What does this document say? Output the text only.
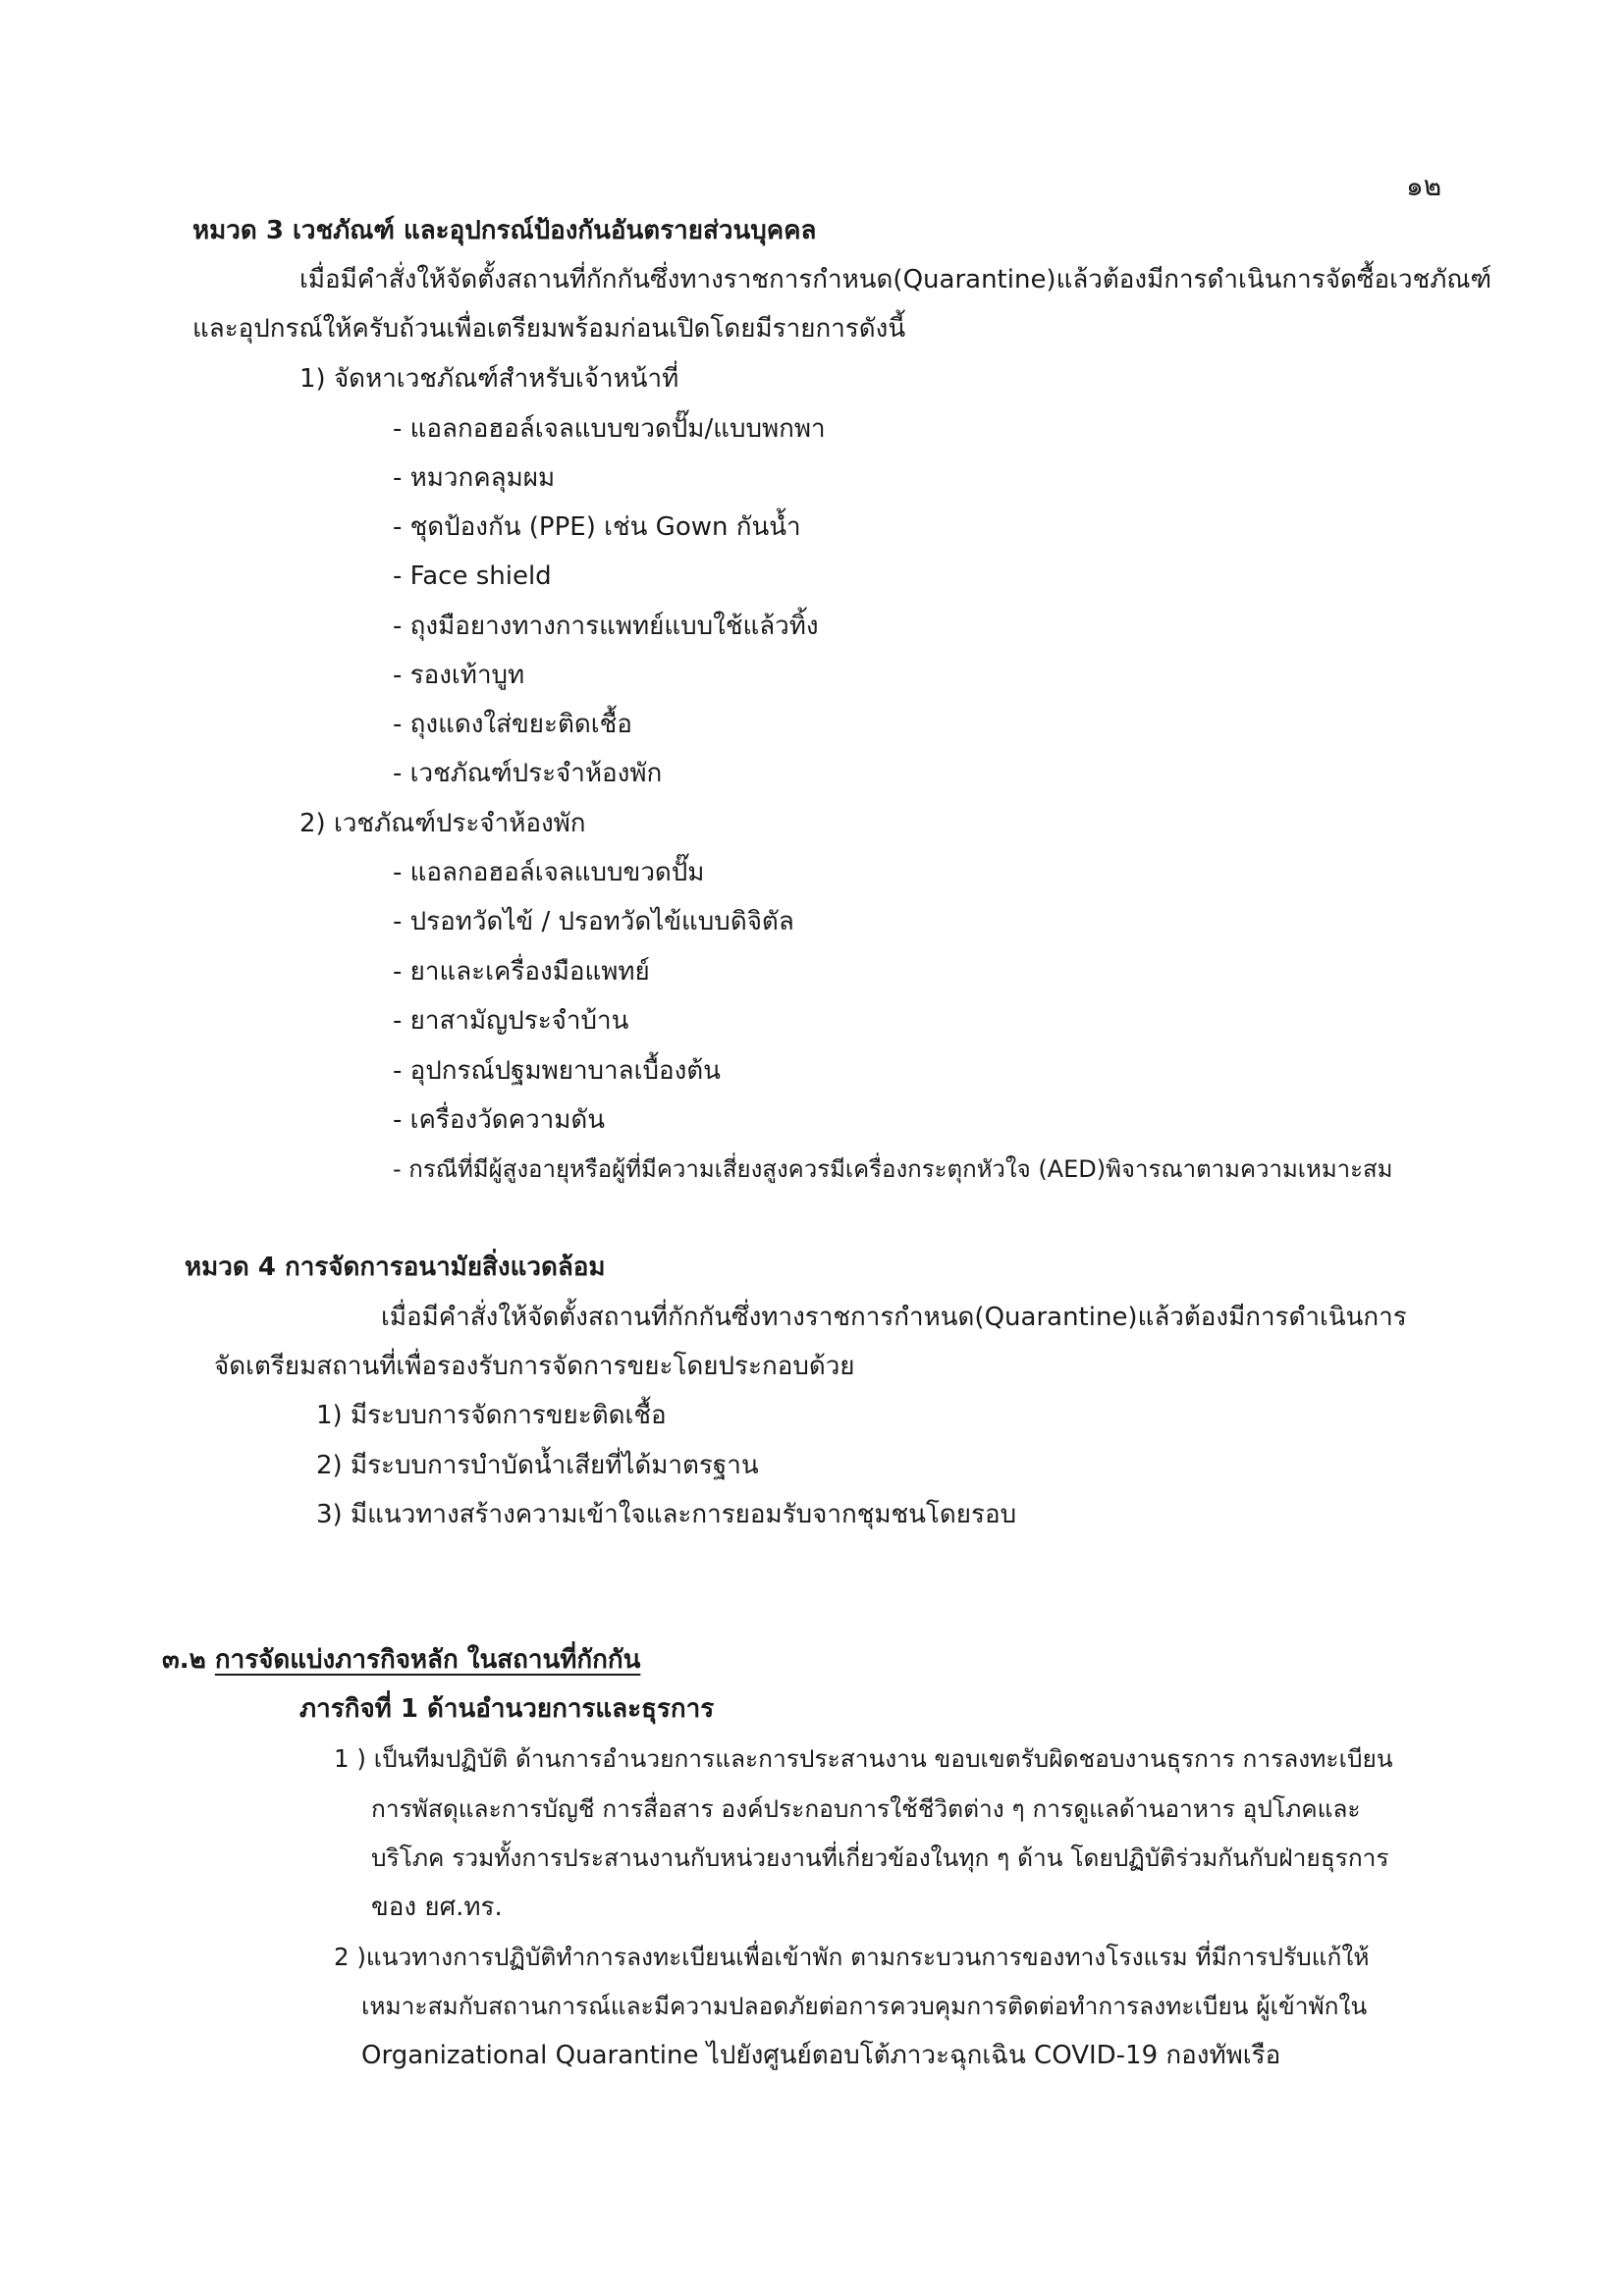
๑๒
หมวด 3 เวชภัณฑ์ และอุปกรณ์ป้องกันอันตรายส่วนบุคคล
เมื่อมีคำสั่งให้จัดตั้งสถานที่กักกันซึ่งทางราชการกำหนด(Quarantine)แล้วต้องมีการดำเนินการจัดซื้อเวชภัณฑ์
และอุปกรณ์ให้ครับถ้วนเพื่อเตรียมพร้อมก่อนเปิดโดยมีรายการดังนี้
1) จัดหาเวชภัณฑ์สำหรับเจ้าหน้าที่
- แอลกอฮอล์เจลแบบขวดปั๊ม/แบบพกพา
- หมวกคลุมผม
- ชุดป้องกัน (PPE) เช่น Gown กันน้ำ
- Face shield
- ถุงมือยางทางการแพทย์แบบใช้แล้วทิ้ง
- รองเท้าบูท
- ถุงแดงใส่ขยะติดเชื้อ
- เวชภัณฑ์ประจำห้องพัก
2) เวชภัณฑ์ประจำห้องพัก
- แอลกอฮอล์เจลแบบขวดปั๊ม
- ปรอทวัดไข้ / ปรอทวัดไข้แบบดิจิตัล
- ยาและเครื่องมือแพทย์
- ยาสามัญประจำบ้าน
- อุปกรณ์ปฐมพยาบาลเบื้องต้น
- เครื่องวัดความดัน
- กรณีที่มีผู้สูงอายุหรือผู้ที่มีความเสี่ยงสูงควรมีเครื่องกระตุกหัวใจ (AED)พิจารณาตามความเหมาะสม
หมวด 4 การจัดการอนามัยสิ่งแวดล้อม
เมื่อมีคำสั่งให้จัดตั้งสถานที่กักกันซึ่งทางราชการกำหนด(Quarantine)แล้วต้องมีการดำเนินการ
จัดเตรียมสถานที่เพื่อรองรับการจัดการขยะโดยประกอบด้วย
1) มีระบบการจัดการขยะติดเชื้อ
2) มีระบบการบำบัดน้ำเสียที่ได้มาตรฐาน
3) มีแนวทางสร้างความเข้าใจและการยอมรับจากชุมชนโดยรอบ
๓.๒ การจัดแบ่งภารกิจหลัก ในสถานที่กักกัน
ภารกิจที่ 1 ด้านอำนวยการและธุรการ
1 ) เป็นทีมปฏิบัติ ด้านการอำนวยการและการประสานงาน ขอบเขตรับผิดชอบงานธุรการ การลงทะเบียน
การพัสดุและการบัญชี การสื่อสาร องค์ประกอบการใช้ชีวิตต่าง ๆ การดูแลด้านอาหาร อุปโภคและ
บริโภค รวมทั้งการประสานงานกับหน่วยงานที่เกี่ยวข้องในทุก ๆ ด้าน โดยปฏิบัติร่วมกันกับฝ่ายธุรการ
ของ ยศ.ทร.
2 )แนวทางการปฏิบัติทำการลงทะเบียนเพื่อเข้าพัก ตามกระบวนการของทางโรงแรม ที่มีการปรับแก้ให้
เหมาะสมกับสถานการณ์และมีความปลอดภัยต่อการควบคุมการติดต่อทำการลงทะเบียน ผู้เข้าพักใน
Organizational Quarantine ไปยังศูนย์ตอบโต้ภาวะฉุกเฉิน COVID-19 กองทัพเรือ
